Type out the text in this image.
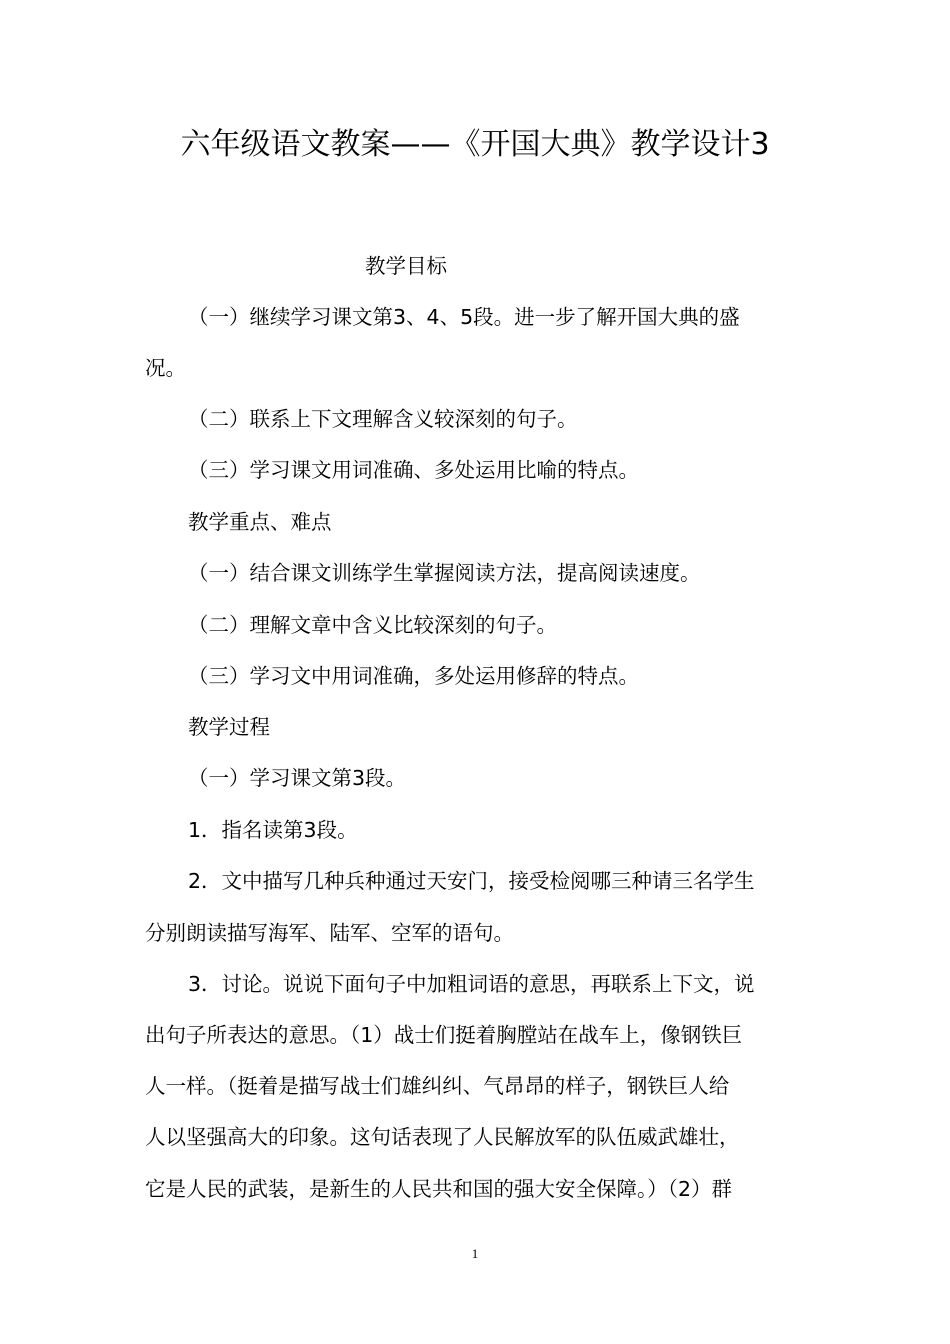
六年级语文教案——《开国大典》教学设计3

教学目标

（一）继续学习课文第3、4、5段。进一步了解开国大典的盛

况。

（二）联系上下文理解含义较深刻的句子。

（三）学习课文用词准确、多处运用比喻的特点。

教学重点、难点

（一）结合课文训练学生掌握阅读方法，提高阅读速度。

（二）理解文章中含义比较深刻的句子。

（三）学习文中用词准确，多处运用修辞的特点。

教学过程

（一）学习课文第3段。

1．指名读第3段。

2．文中描写几种兵种通过天安门，接受检阅哪三种请三名学生

分别朗读描写海军、陆军、空军的语句。

3．讨论。说说下面句子中加粗词语的意思，再联系上下文，说

出句子所表达的意思。（1）战士们挺着胸膛站在战车上，像钢铁巨

人一样。（挺着是描写战士们雄纠纠、气昂昂的样子，钢铁巨人给

人以坚强高大的印象。这句话表现了人民解放军的队伍威武雄壮，

它是人民的武装，是新生的人民共和国的强大安全保障。）（2）群

1
